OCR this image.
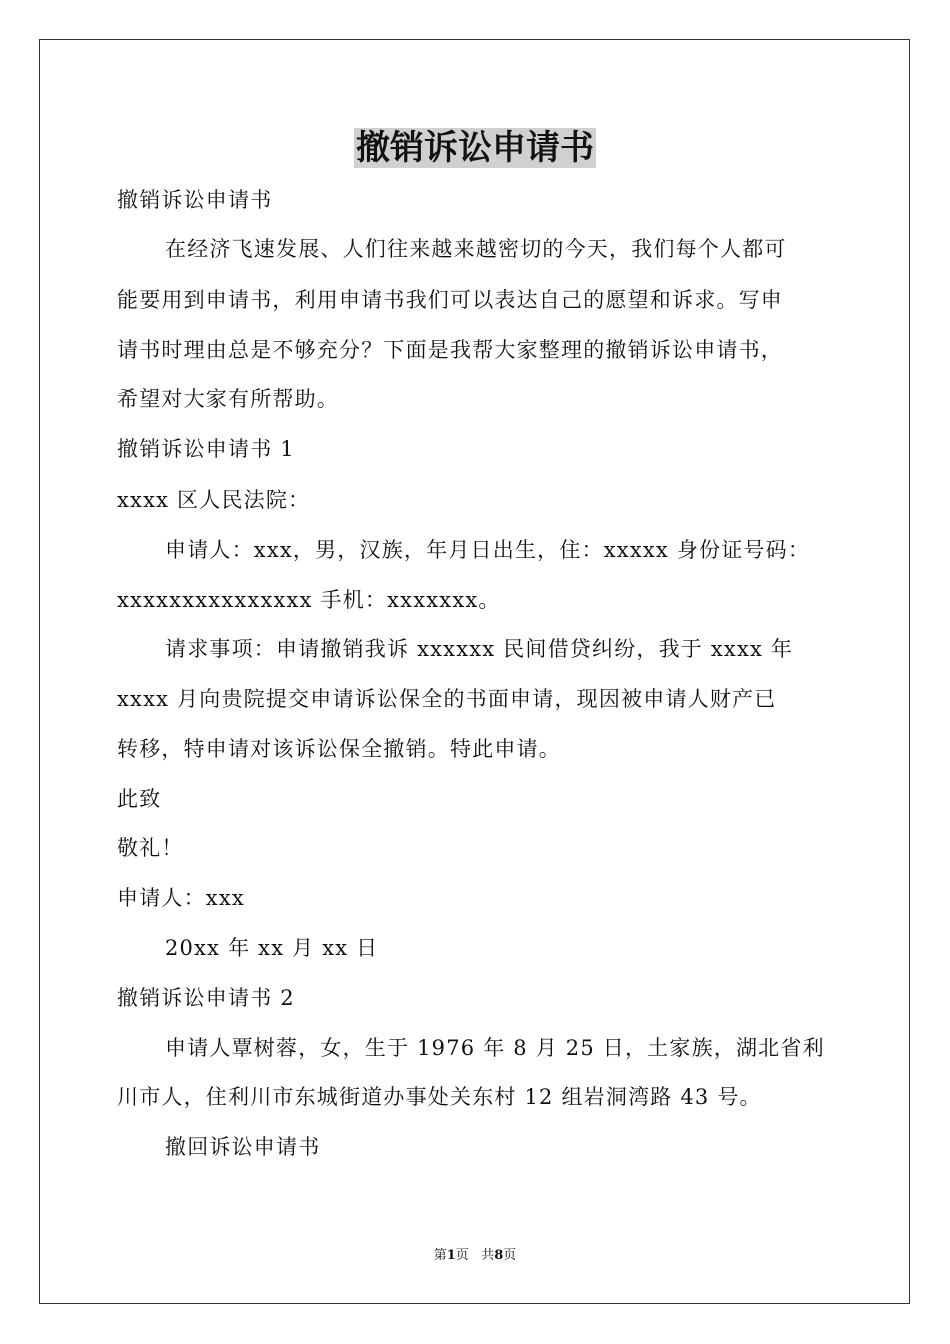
撤销诉讼申请书
撤销诉讼申请书
在经济飞速发展、人们往来越来越密切的今天，我们每个人都可
能要用到申请书，利用申请书我们可以表达自己的愿望和诉求。写申
请书时理由总是不够充分？下面是我帮大家整理的撤销诉讼申请书，
希望对大家有所帮助。
撤销诉讼申请书 1
xxxx 区人民法院：
申请人：xxx，男，汉族，年月日出生，住：xxxxx 身份证号码：
xxxxxxxxxxxxxxx 手机：xxxxxxx。
请求事项：申请撤销我诉 xxxxxx 民间借贷纠纷，我于 xxxx 年
xxxx 月向贵院提交申请诉讼保全的书面申请，现因被申请人财产已
转移，特申请对该诉讼保全撤销。特此申请。
此致
敬礼！
申请人：xxx
20xx 年 xx 月 xx 日
撤销诉讼申请书 2
申请人覃树蓉，女，生于 1976 年 8 月 25 日，土家族，湖北省利
川市人，住利川市东城街道办事处关东村 12 组岩洞湾路 43 号。
撤回诉讼申请书
第1页 共8页
